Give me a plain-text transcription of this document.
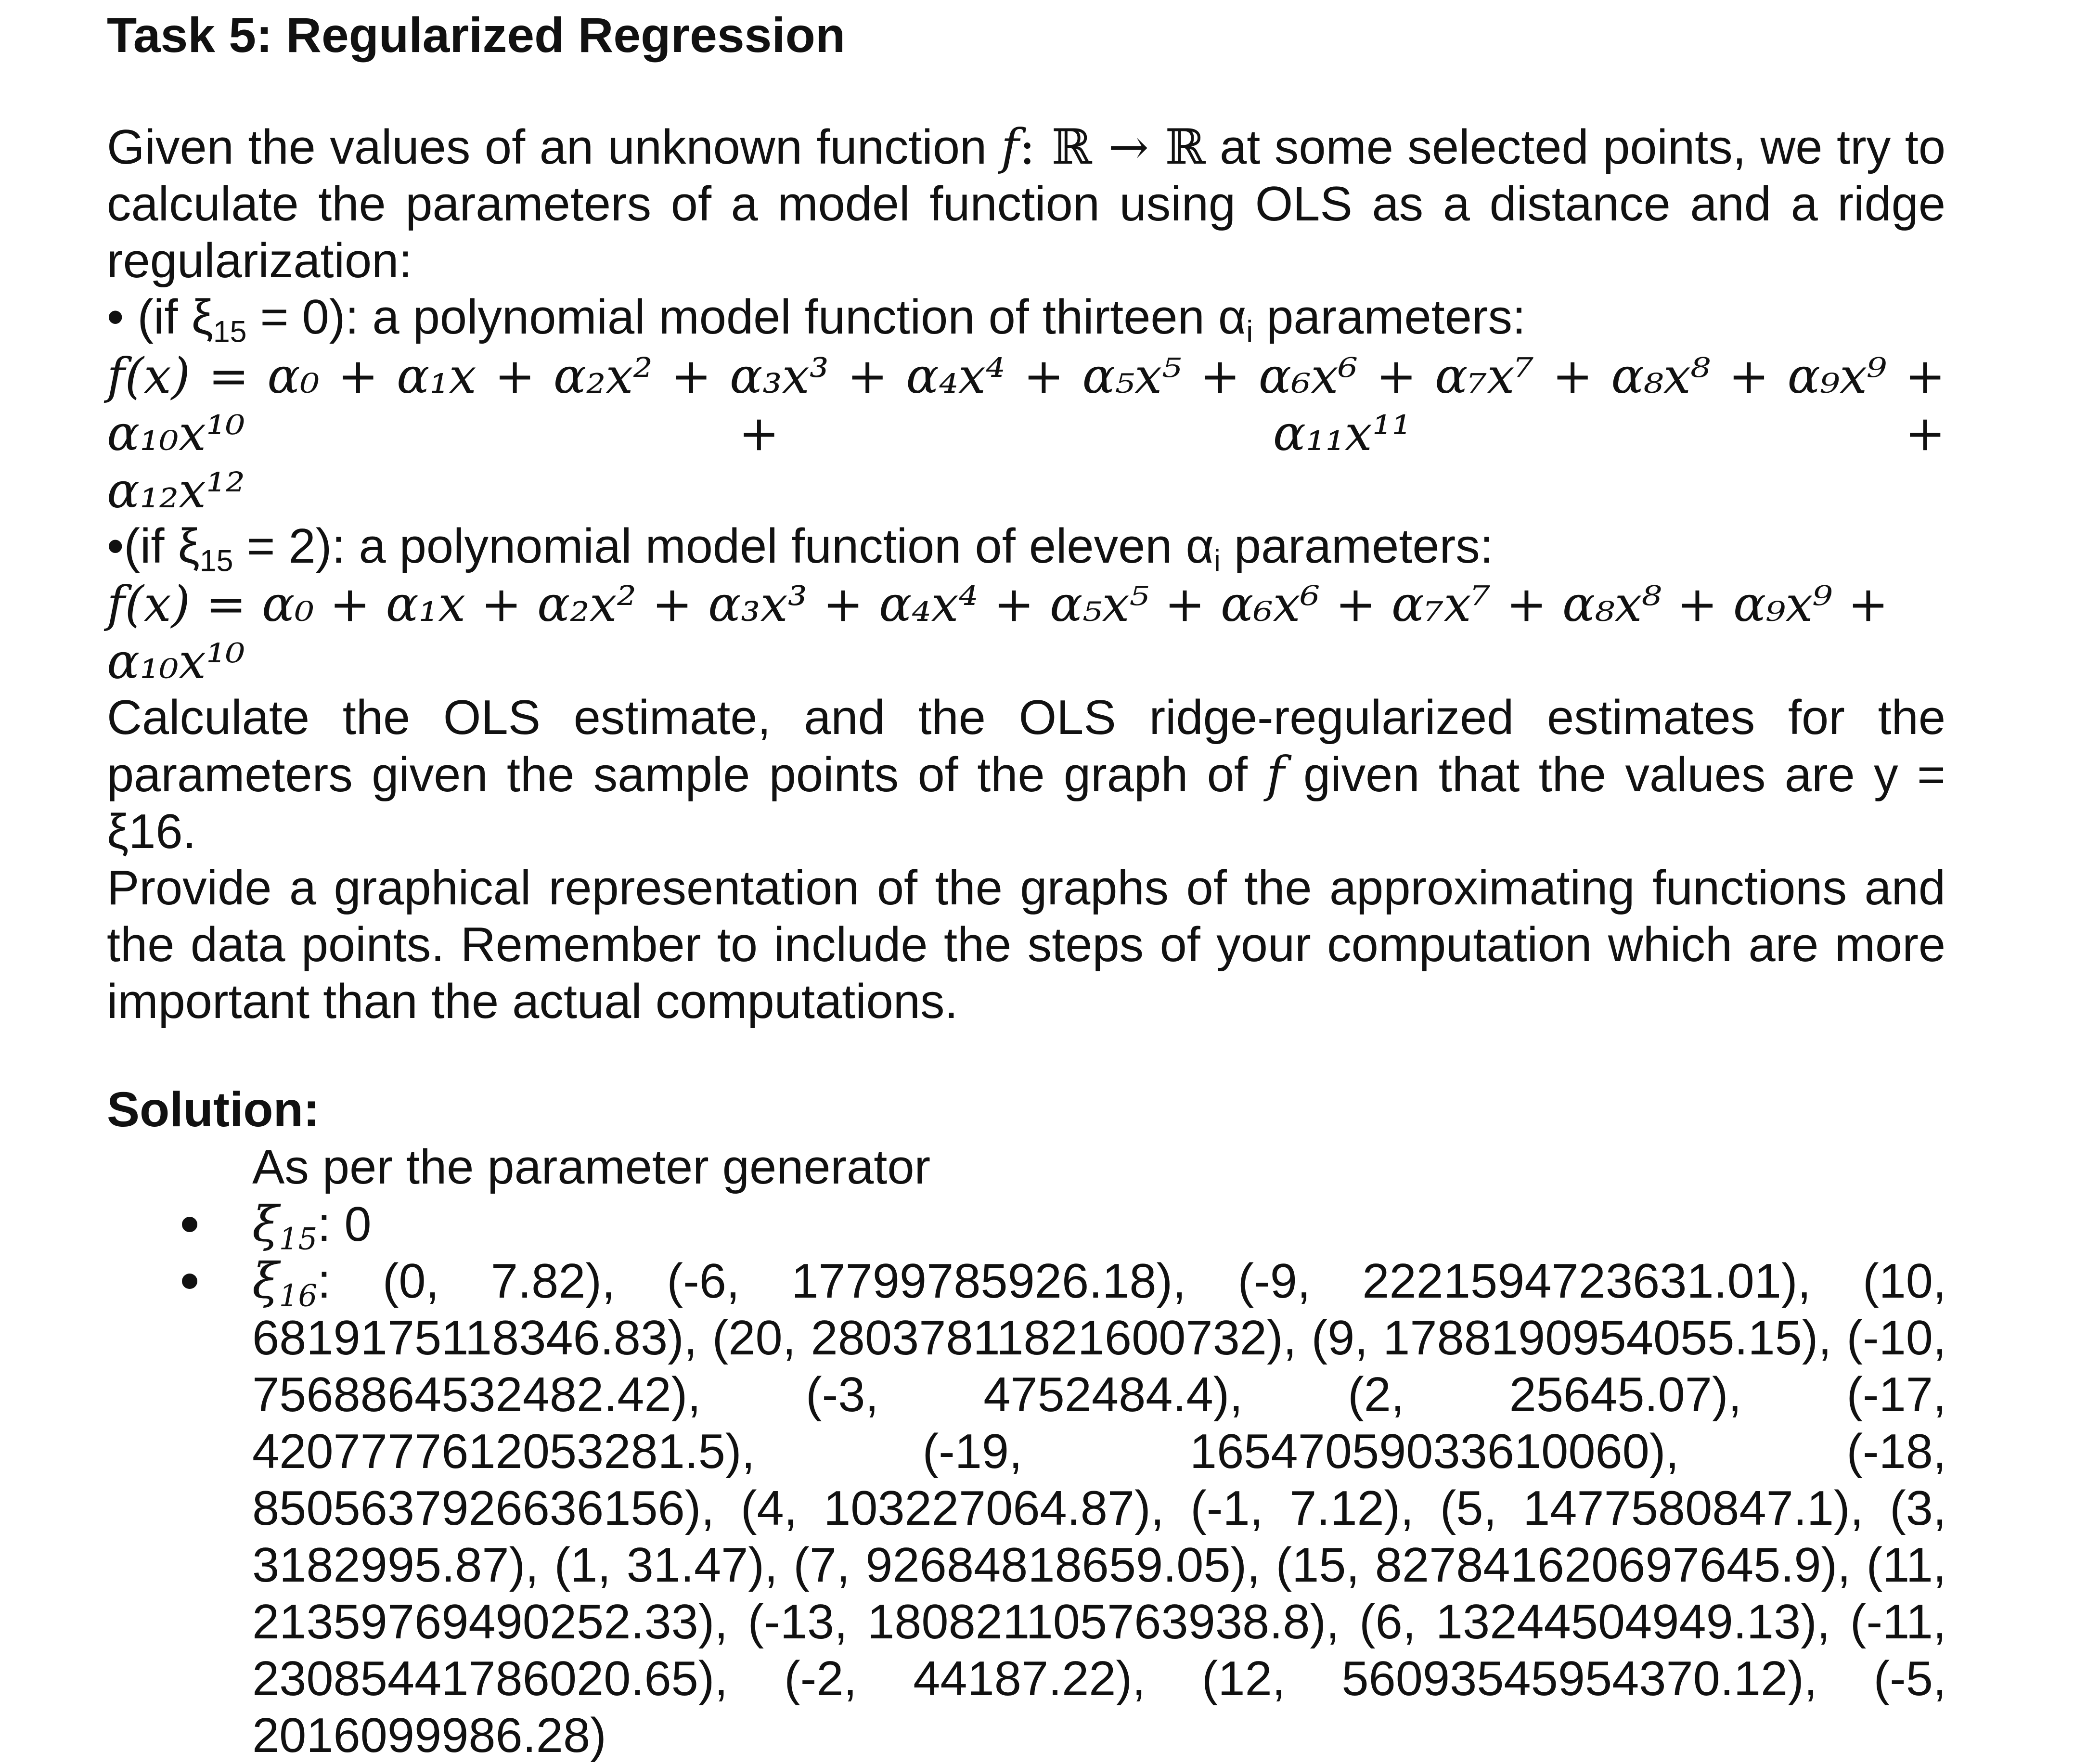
Task 5: Regularized Regression
Given the values of an unknown function f: ℝ → ℝ at some selected points, we try to calculate the parameters of a model function using OLS as a distance and a ridge regularization:
• (if $\xi_{15} = 0$): a polynomial model function of thirteen $\alpha_i$ parameters:
f(x) = α₀ + α₁x + α₂x² + α₃x³ + α₄x⁴ + α₅x⁵ + α₆x⁶ + α₇x⁷ + α₈x⁸ + α₉x⁹ + α₁₀x¹⁰ + α₁₁x¹¹ +
α₁₂x¹²
•(if $\xi_{15} = 2$): a polynomial model function of eleven $\alpha_i$ parameters:
f(x) = α₀ + α₁x + α₂x² + α₃x³ + α₄x⁴ + α₅x⁵ + α₆x⁶ + α₇x⁷ + α₈x⁸ + α₉x⁹ + α₁₀x¹⁰
Calculate the OLS estimate, and the OLS ridge-regularized estimates for the parameters given the sample points of the graph of f given that the values are y = ξ16.
Provide a graphical representation of the graphs of the approximating functions and the data points. Remember to include the steps of your computation which are more important than the actual computations.
Solution:
As per the parameter generator
$\xi_{15}$: 0
$\xi_{16}$: (0, 7.82), (-6, 17799785926.18), (-9, 2221594723631.01), (10, 6819175118346.83), (20, 28037811821600732), (9, 1788190954055.15), (-10, 7568864532482.42), (-3, 4752484.4), (2, 25645.07), (-17, 4207777612053281.5), (-19, 16547059033610060), (-18, 8505637926636156), (4, 103227064.87), (-1, 7.12), (5, 1477580847.1), (3, 3182995.87), (1, 31.47), (7, 92684818659.05), (15, 827841620697645.9), (11, 21359769490252.33), (-13, 180821105763938.8), (6, 13244504949.13), (-11, 23085441786020.65), (-2, 44187.22), (12, 56093545954370.12), (-5, 2016099986.28)
